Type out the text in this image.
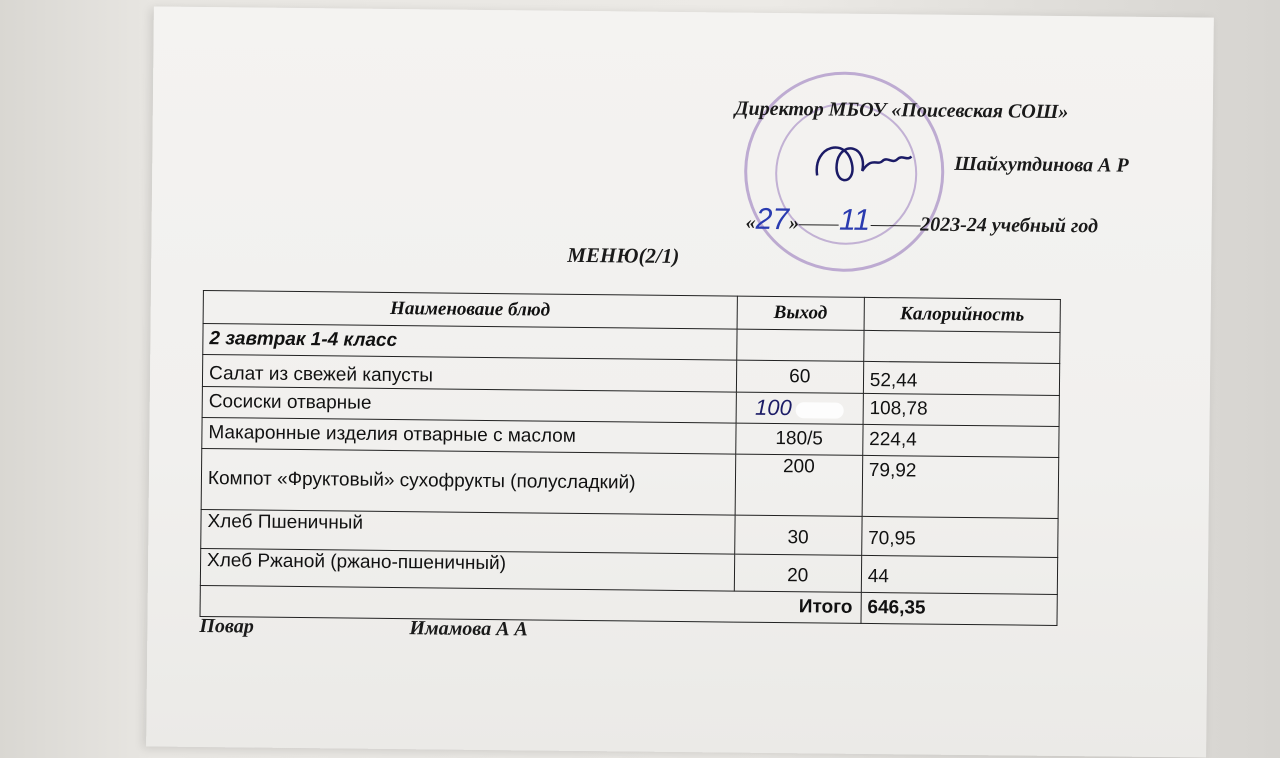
Директор МБОУ «Поисевская СОШ»
Шайхутдинова А Р
«27» 11 2023-24 учебный год
МЕНЮ(2/1)
Наименоваие блюд	Выход	Калорийность
2 завтрак 1-4 класс		
Салат из свежей капусты	60	52,44
Сосиски отварные	100	108,78
Макаронные изделия отварные с маслом	180/5	224,4
Компот «Фруктовый» сухофрукты (полусладкий)	200	79,92
Хлеб Пшеничный	30	70,95
Хлеб Ржаной (ржано-пшеничный)	20	44
Итого		646,35
Повар	Имамова А А
